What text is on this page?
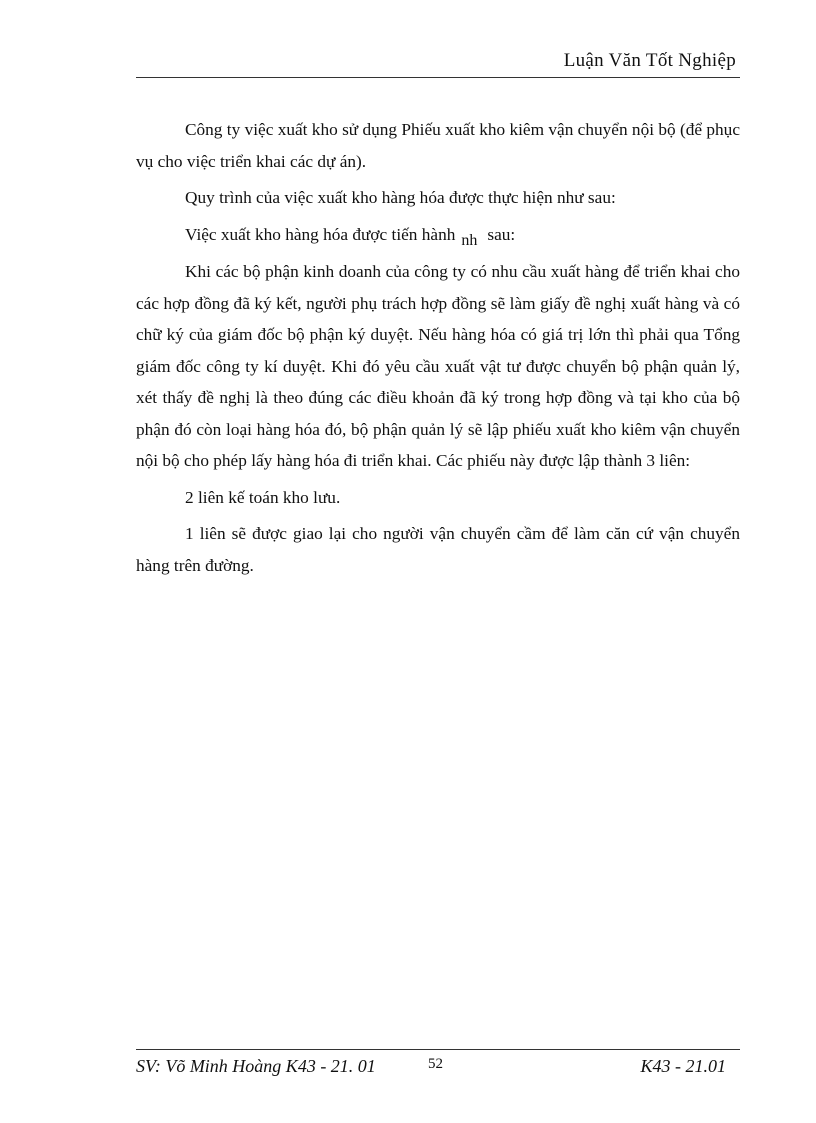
Luận Văn Tốt Nghiệp

Công ty việc xuất kho sử dụng Phiếu xuất kho kiêm vận chuyển nội bộ (để phục vụ cho việc triển khai các dự án).

Quy trình của việc xuất kho hàng hóa được thực hiện như sau:

Việc xuất kho hàng hóa được tiến hành nh sau:

Khi các bộ phận kinh doanh của công ty có nhu cầu xuất hàng để triển khai cho các hợp đồng đã ký kết, người phụ trách hợp đồng sẽ làm giấy đề nghị xuất hàng và có chữ ký của giám đốc bộ phận ký duyệt. Nếu hàng hóa có giá trị lớn thì phải qua Tổng giám đốc công ty kí duyệt. Khi đó yêu cầu xuất vật tư được chuyển bộ phận quản lý, xét thấy đề nghị là theo đúng các điều khoản đã ký trong hợp đồng và tại kho của bộ phận đó còn loại hàng hóa đó, bộ phận quản lý sẽ lập phiếu xuất kho kiêm vận chuyển nội bộ cho phép lấy hàng hóa đi triển khai. Các phiếu này được lập thành 3 liên:

2 liên kế toán kho lưu.

1 liên sẽ được giao lại cho người vận chuyển cầm để làm căn cứ vận chuyển hàng trên đường.

SV: Võ Minh Hoàng K43 - 21. 01	52	K43 - 21.01
